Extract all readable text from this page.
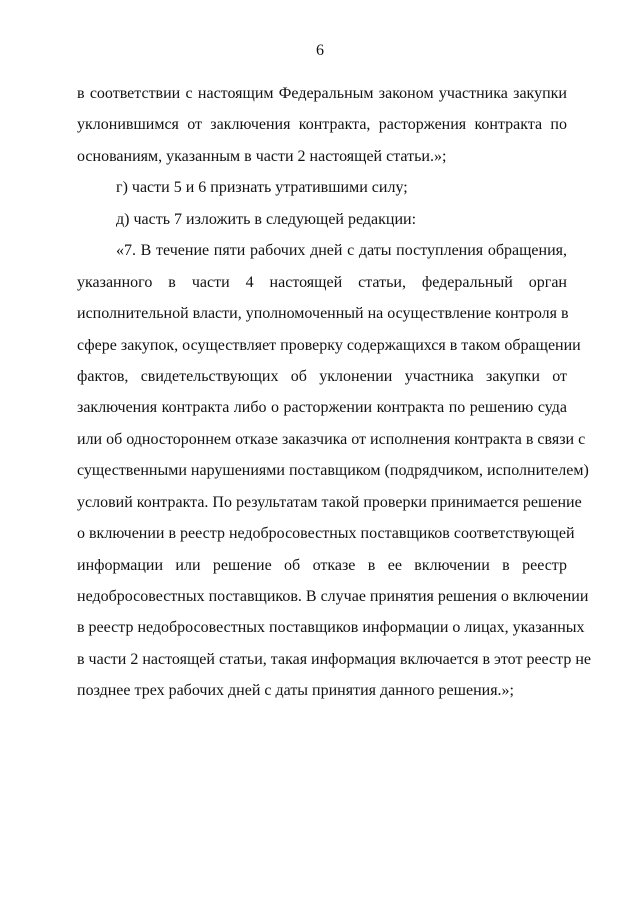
6
в соответствии с настоящим Федеральным законом участника закупки
уклонившимся от заключения контракта, расторжения контракта по
основаниям, указанным в части 2 настоящей статьи.»;
г) части 5 и 6 признать утратившими силу;
д) часть 7 изложить в следующей редакции:
«7. В течение пяти рабочих дней с даты поступления обращения,
указанного в части 4 настоящей статьи, федеральный орган
исполнительной власти, уполномоченный на осуществление контроля в
сфере закупок, осуществляет проверку содержащихся в таком обращении
фактов, свидетельствующих об уклонении участника закупки от
заключения контракта либо о расторжении контракта по решению суда
или об одностороннем отказе заказчика от исполнения контракта в связи с
существенными нарушениями поставщиком (подрядчиком, исполнителем)
условий контракта. По результатам такой проверки принимается решение
о включении в реестр недобросовестных поставщиков соответствующей
информации или решение об отказе в ее включении в реестр
недобросовестных поставщиков. В случае принятия решения о включении
в реестр недобросовестных поставщиков информации о лицах, указанных
в части 2 настоящей статьи, такая информация включается в этот реестр не
позднее трех рабочих дней с даты принятия данного решения.»;
